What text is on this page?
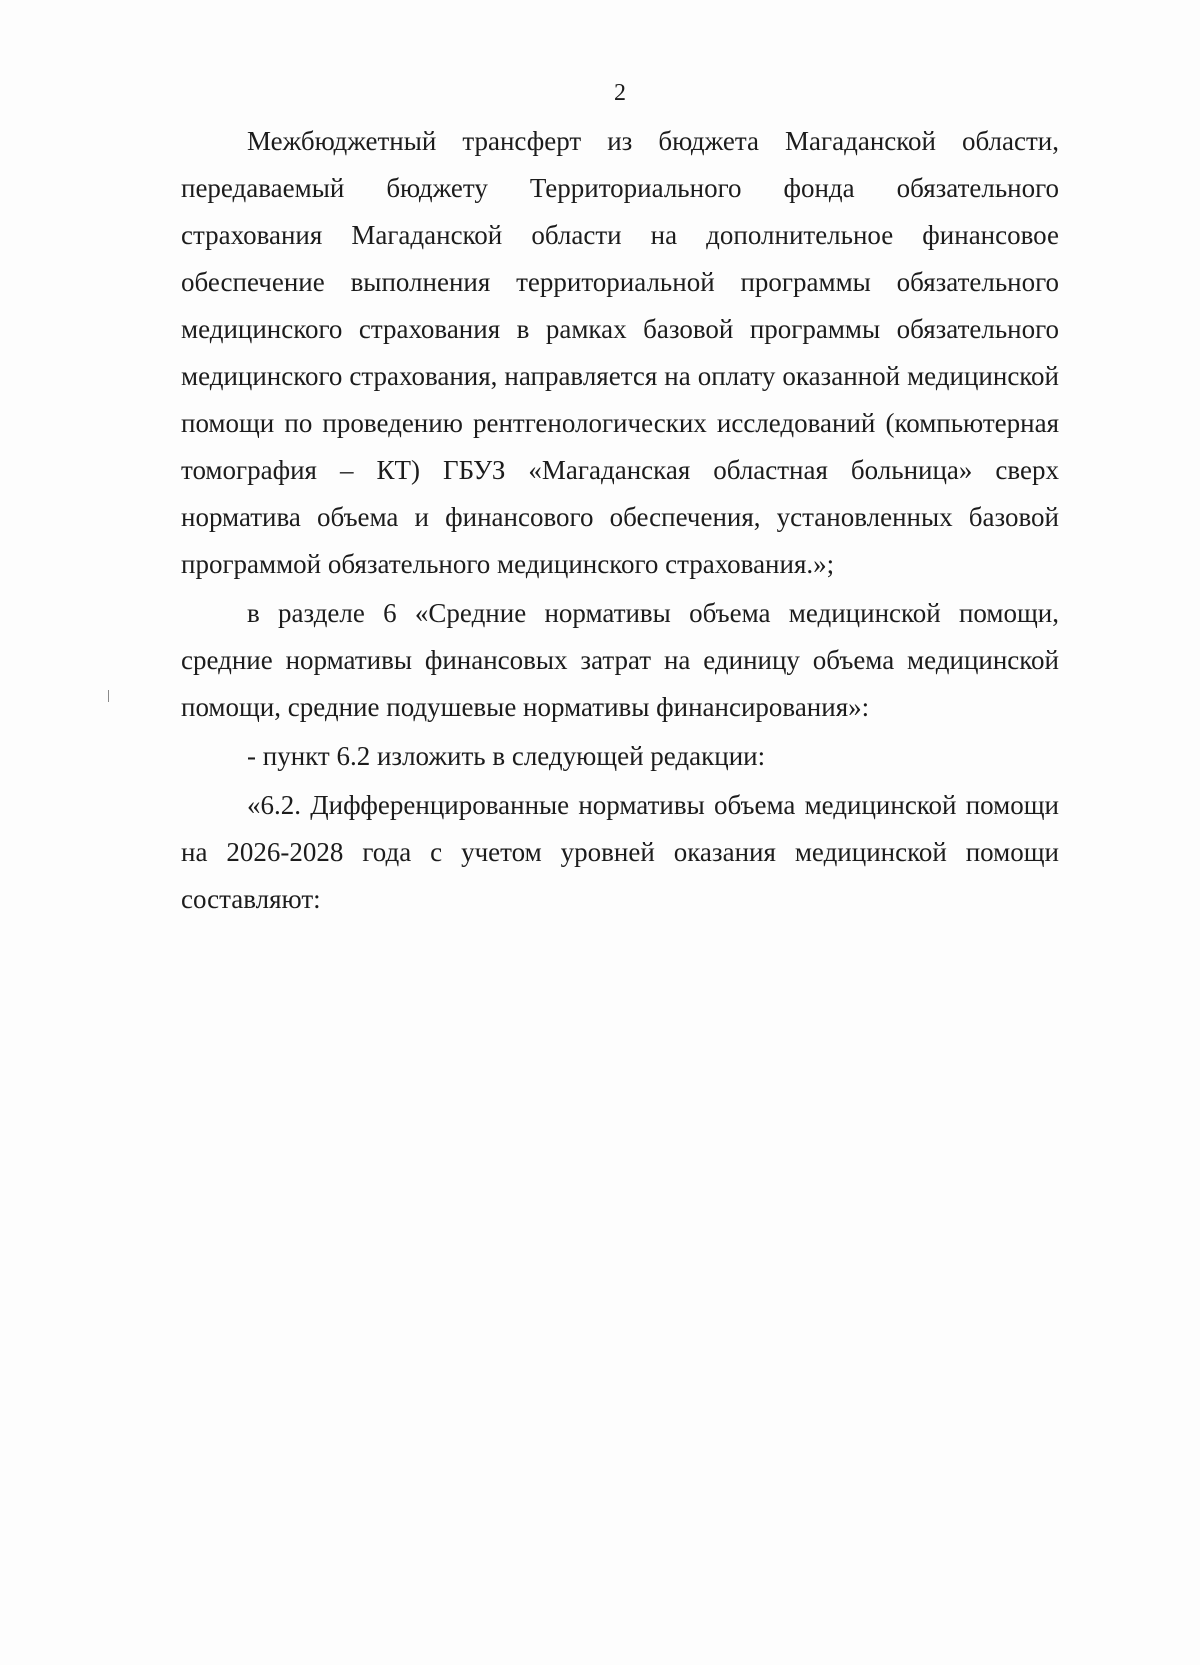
2

Межбюджетный трансферт из бюджета Магаданской области, передаваемый бюджету Территориального фонда обязательного страхования Магаданской области на дополнительное финансовое обеспечение выполнения территориальной программы обязательного медицинского страхования в рамках базовой программы обязательного медицинского страхования, направляется на оплату оказанной медицинской помощи по проведению рентгенологических исследований (компьютерная томография – КТ) ГБУЗ «Магаданская областная больница» сверх норматива объема и финансового обеспечения, установленных базовой программой обязательного медицинского страхования.»;

в разделе 6 «Средние нормативы объема медицинской помощи, средние нормативы финансовых затрат на единицу объема медицинской помощи, средние подушевые нормативы финансирования»:

- пункт 6.2 изложить в следующей редакции:

«6.2. Дифференцированные нормативы объема медицинской помощи на 2026-2028 года с учетом уровней оказания медицинской помощи составляют:
